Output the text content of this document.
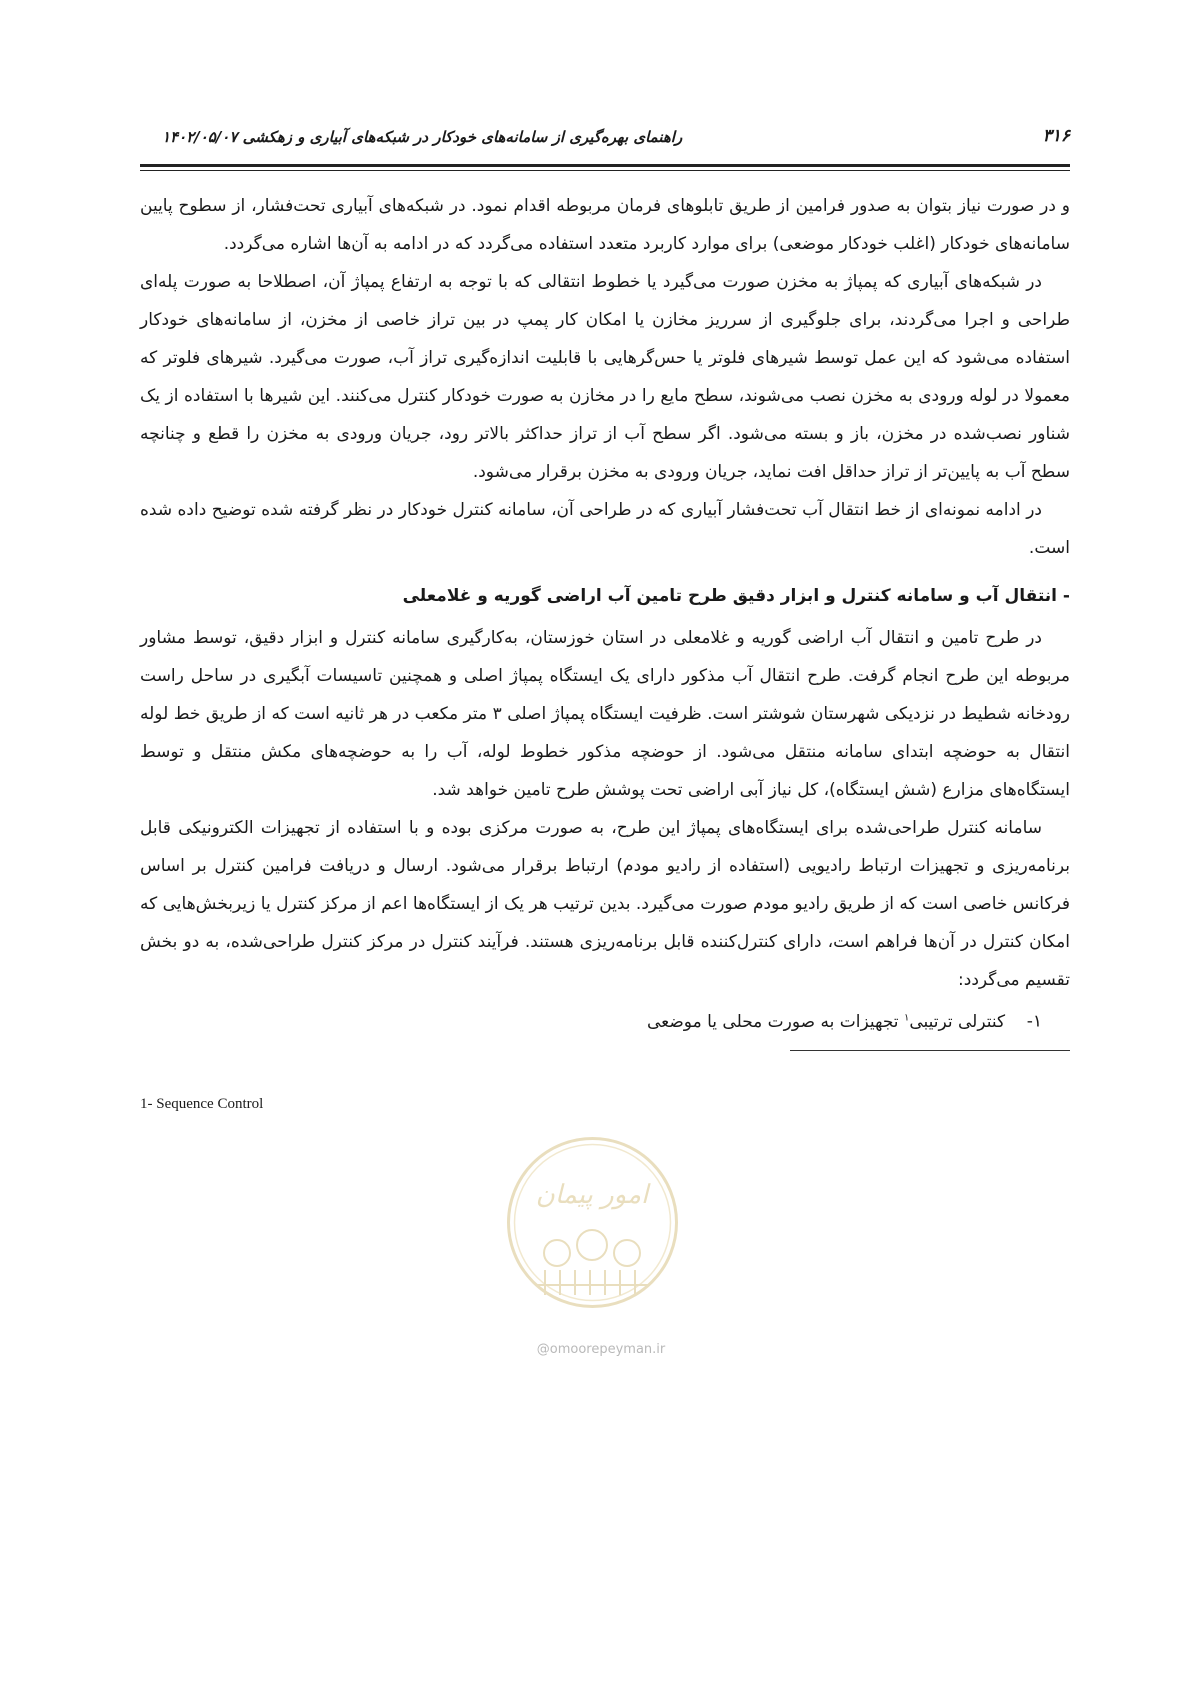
۳۱۶
راهنمای بهره‌گیری از سامانه‌های خودکار در شبکه‌های آبیاری و زهکشی ۱۴۰۲/۰۵/۰۷

و در صورت نیاز بتوان به صدور فرامین از طریق تابلوهای فرمان مربوطه اقدام نمود. در شبکه‌های آبیاری تحت‌فشار، از سطوح پایین سامانه‌های خودکار (اغلب خودکار موضعی) برای موارد کاربرد متعدد استفاده می‌گردد که در ادامه به آن‌ها اشاره می‌گردد.

در شبکه‌های آبیاری که پمپاژ به مخزن صورت می‌گیرد یا خطوط انتقالی که با توجه به ارتفاع پمپاژ آن، اصطلاحا به صورت پله‌ای طراحی و اجرا می‌گردند، برای جلوگیری از سرریز مخازن یا امکان کار پمپ در بین تراز خاصی از مخزن، از سامانه‌های خودکار استفاده می‌شود که این عمل توسط شیرهای فلوتر یا حس‌گرهایی با قابلیت اندازه‌گیری تراز آب، صورت می‌گیرد. شیرهای فلوتر که معمولا در لوله ورودی به مخزن نصب می‌شوند، سطح مایع را در مخازن به صورت خودکار کنترل می‌کنند. این شیرها با استفاده از یک شناور نصب‌شده در مخزن، باز و بسته می‌شود. اگر سطح آب از تراز حداکثر بالاتر رود، جریان ورودی به مخزن را قطع و چنانچه سطح آب به پایین‌تر از تراز حداقل افت نماید، جریان ورودی به مخزن برقرار می‌شود.

در ادامه نمونه‌ای از خط انتقال آب تحت‌فشار آبیاری که در طراحی آن، سامانه کنترل خودکار در نظر گرفته شده توضیح داده شده است.

- انتقال آب و سامانه کنترل و ابزار دقیق طرح تامین آب اراضی گوریه و غلامعلی

در طرح تامین و انتقال آب اراضی گوریه و غلامعلی در استان خوزستان، به‌کارگیری سامانه کنترل و ابزار دقیق، توسط مشاور مربوطه این طرح انجام گرفت. طرح انتقال آب مذکور دارای یک ایستگاه پمپاژ اصلی و همچنین تاسیسات آبگیری در ساحل راست رودخانه شطیط در نزدیکی شهرستان شوشتر است. ظرفیت ایستگاه پمپاژ اصلی ۳ متر مکعب در هر ثانیه است که از طریق خط لوله انتقال به حوضچه ابتدای سامانه منتقل می‌شود. از حوضچه مذکور خطوط لوله، آب را به حوضچه‌های مکش منتقل و توسط ایستگاه‌های مزارع (شش ایستگاه)، کل نیاز آبی اراضی تحت پوشش طرح تامین خواهد شد.

سامانه کنترل طراحی‌شده برای ایستگاه‌های پمپاژ این طرح، به صورت مرکزی بوده و با استفاده از تجهیزات الکترونیکی قابل برنامه‌ریزی و تجهیزات ارتباط رادیویی (استفاده از رادیو مودم) ارتباط برقرار می‌شود. ارسال و دریافت فرامین کنترل بر اساس فرکانس خاصی است که از طریق رادیو مودم صورت می‌گیرد. بدین ترتیب هر یک از ایستگاه‌ها اعم از مرکز کنترل یا زیربخش‌هایی که امکان کنترل در آن‌ها فراهم است، دارای کنترل‌کننده قابل برنامه‌ریزی هستند. فرآیند کنترل در مرکز کنترل طراحی‌شده، به دو بخش تقسیم می‌گردد:

۱-    کنترلی ترتیبی$^۱$ تجهیزات به صورت محلی یا موضعی

1- Sequence Control
امور پیمان
@omoorepeyman.ir
